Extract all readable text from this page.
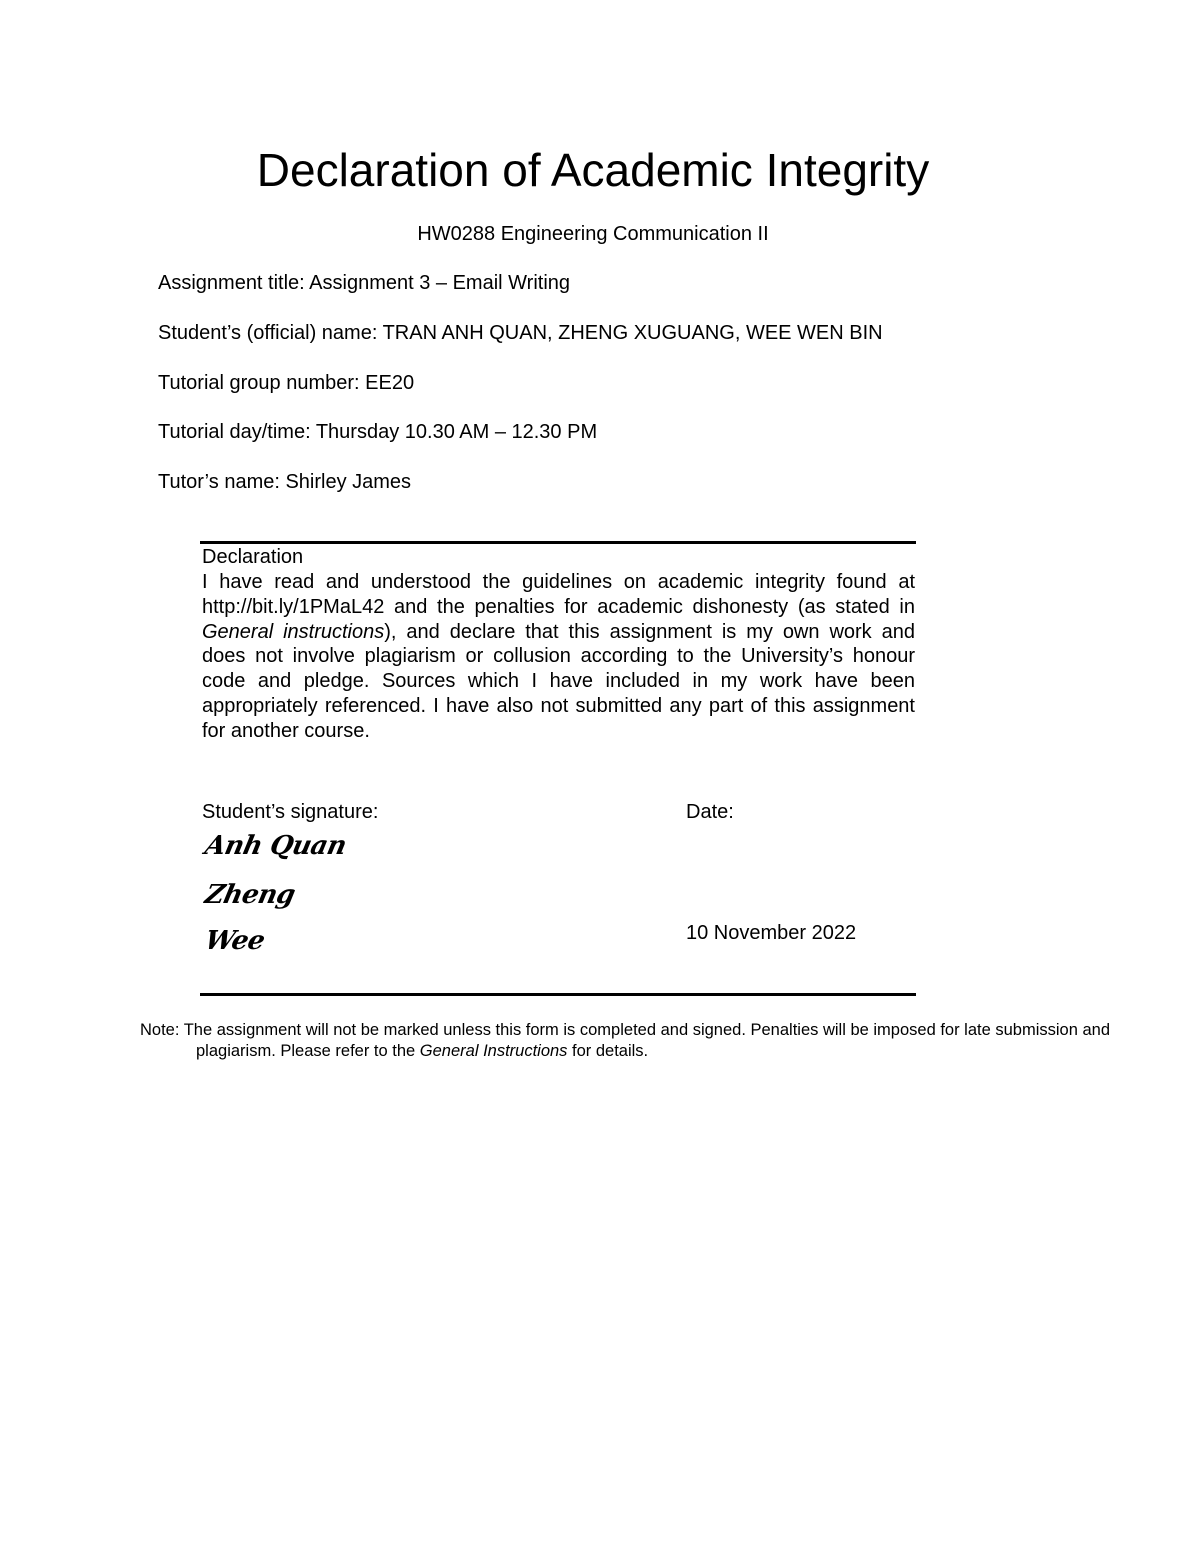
Declaration of Academic Integrity

HW0288 Engineering Communication II

Assignment title: Assignment 3 – Email Writing

Student’s (official) name: TRAN ANH QUAN, ZHENG XUGUANG, WEE WEN BIN

Tutorial group number: EE20

Tutorial day/time: Thursday 10.30 AM – 12.30 PM

Tutor’s name: Shirley James

Declaration

I have read and understood the guidelines on academic integrity found at http://bit.ly/1PMaL42 and the penalties for academic dishonesty (as stated in General instructions), and declare that this assignment is my own work and does not involve plagiarism or collusion according to the University’s honour code and pledge. Sources which I have included in my work have been appropriately referenced. I have also not submitted any part of this assignment for another course.

Student’s signature:	Date:

Anh Quan
Zheng
Wee	10 November 2022

Note: The assignment will not be marked unless this form is completed and signed. Penalties will be imposed for late submission and plagiarism. Please refer to the General Instructions for details.
